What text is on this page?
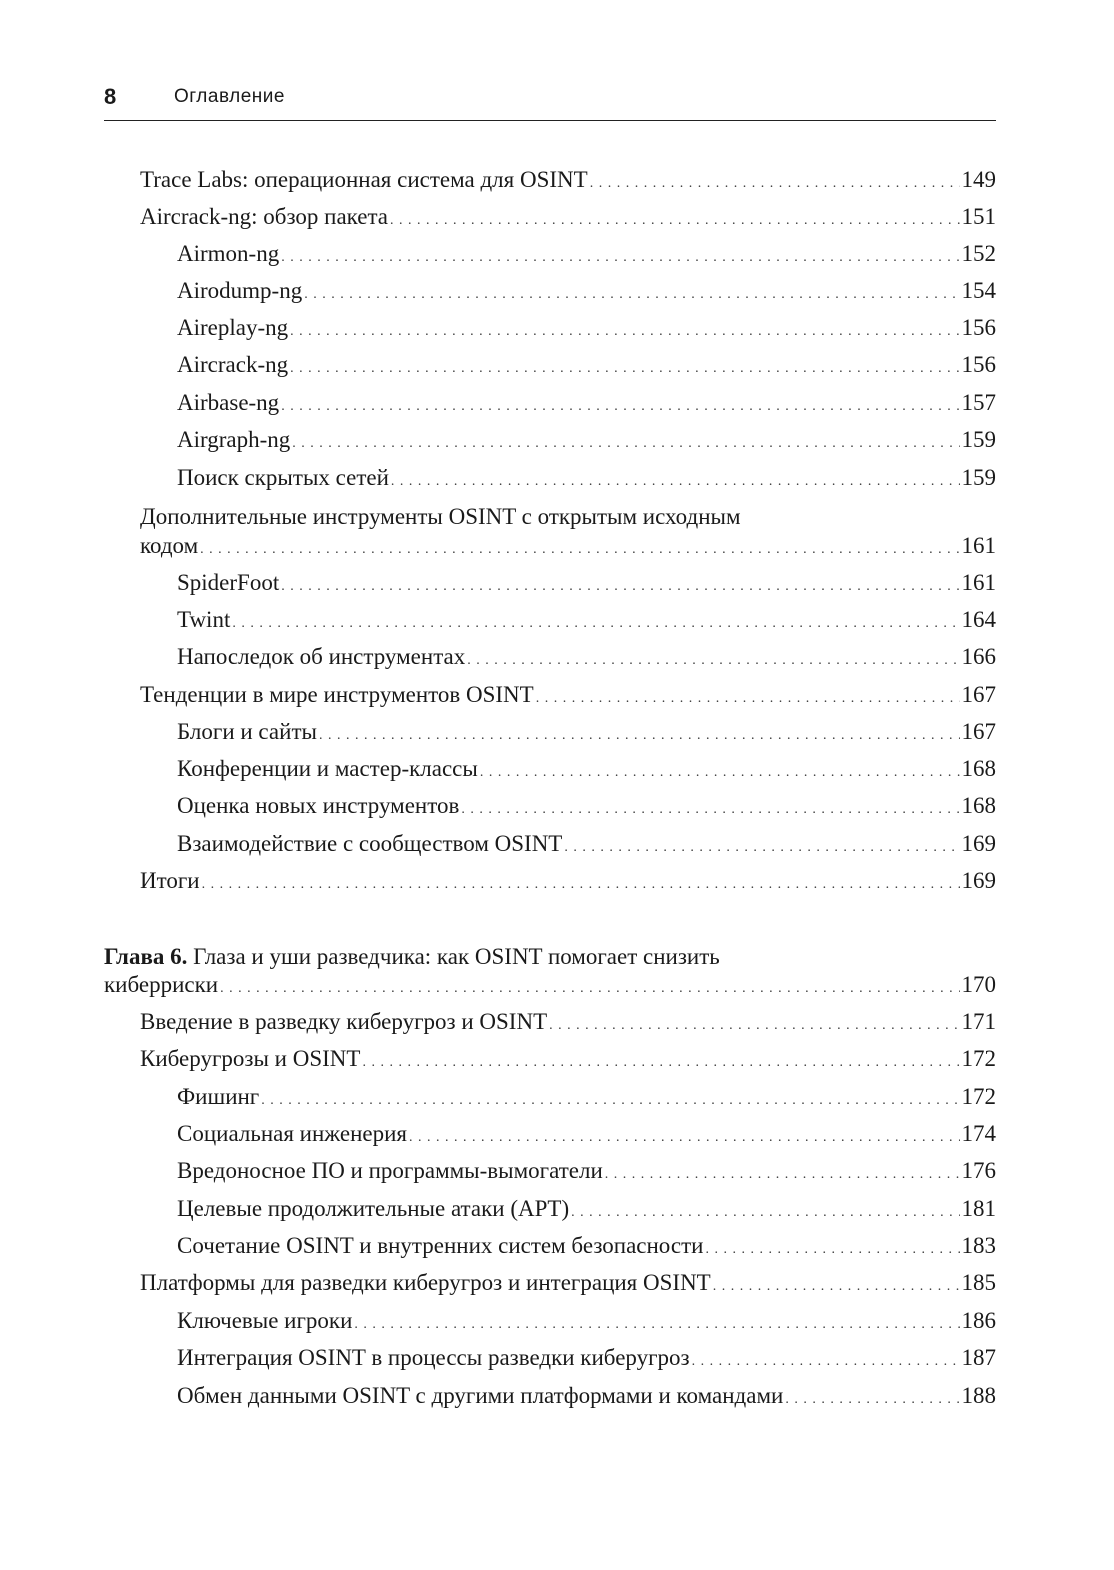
8	Оглавление
Trace Labs: операционная система для OSINT . . .	149
Aircrack-ng: обзор пакета . . .	151
Airmon-ng . . .	152
Airodump-ng . . .	154
Aireplay-ng . . .	156
Aircrack-ng . . .	156
Airbase-ng . . .	157
Airgraph-ng . . .	159
Поиск скрытых сетей . . .	159
Дополнительные инструменты OSINT с открытым исходным
кодом . . .	161
SpiderFoot . . .	161
Twint . . .	164
Напоследок об инструментах . . .	166
Тенденции в мире инструментов OSINT . . .	167
Блоги и сайты . . .	167
Конференции и мастер-классы . . .	168
Оценка новых инструментов . . .	168
Взаимодействие с сообществом OSINT . . .	169
Итоги . . .	169
Глава 6. Глаза и уши разведчика: как OSINT помогает снизить
киберриски . . .	170
Введение в разведку киберугроз и OSINT . . .	171
Киберугрозы и OSINT . . .	172
Фишинг . . .	172
Социальная инженерия . . .	174
Вредоносное ПО и программы-вымогатели . . .	176
Целевые продолжительные атаки (APT) . . .	181
Сочетание OSINT и внутренних систем безопасности . . .	183
Платформы для разведки киберугроз и интеграция OSINT . . .	185
Ключевые игроки . . .	186
Интеграция OSINT в процессы разведки киберугроз . . .	187
Обмен данными OSINT с другими платформами и командами . . .	188
